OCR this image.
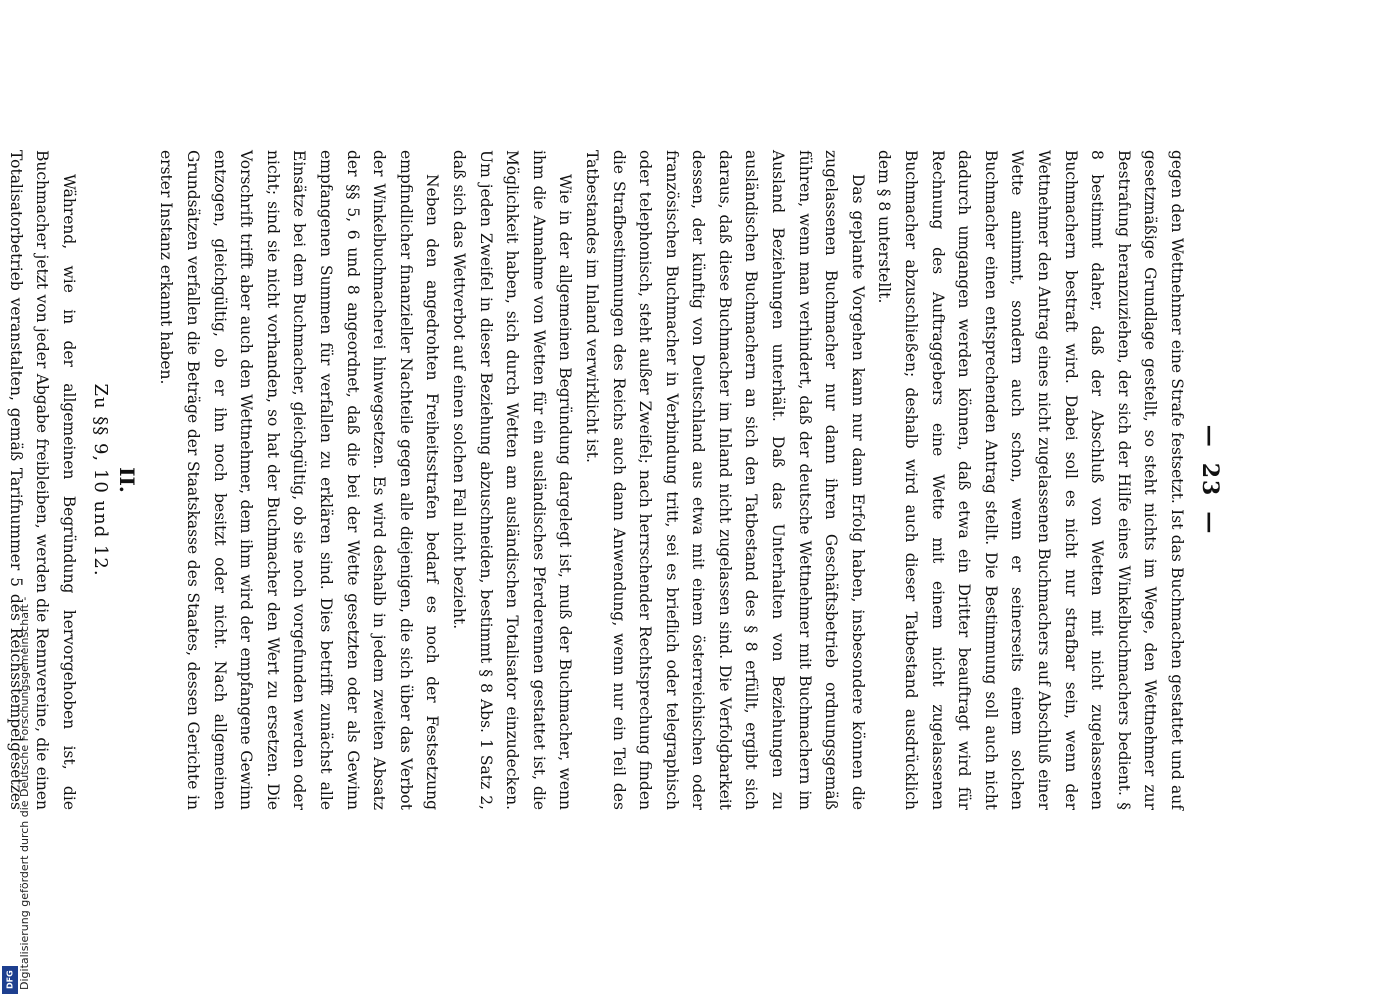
Digitalisierung gefördert durch die Deutsche Forschungsgemeinschaft -
DFG
—
23
—

gegen den Wettnehmer eine Strafe festsetzt. Ist das Buchmachen gestattet und auf gesetzmäßige Grundlage gestellt, so steht nichts im Wege, den Wettnehmer zur Bestrafung heranzuziehen, der sich der Hilfe eines Winkelbuchmachers bedient. § 8 bestimmt daher, daß der Abschluß von Wetten mit nicht zugelassenen Buchmachern bestraft wird. Dabei soll es nicht nur strafbar sein, wenn der Wettnehmer den Antrag eines nicht zugelassenen Buchmachers auf Abschluß einer Wette annimmt, sondern auch schon, wenn er seinerseits einem solchen Buchmacher einen entsprechenden Antrag stellt. Die Bestimmung soll auch nicht dadurch umgangen werden können, daß etwa ein Dritter beauftragt wird für Rechnung des Auftraggebers eine Wette mit einem nicht zugelassenen Buchmacher abzuschließen; deshalb wird auch dieser Tatbestand ausdrücklich dem § 8 unterstellt.

Das geplante Vorgehen kann nur dann Erfolg haben, insbesondere können die zugelassenen Buchmacher nur dann ihren Geschäftsbetrieb ordnungsgemäß führen, wenn man verhindert, daß der deutsche Wettnehmer mit Buchmachern im Ausland Beziehungen unterhält. Daß das Unterhalten von Beziehungen zu ausländischen Buchmachern an sich den Tatbestand des § 8 erfüllt, ergibt sich daraus, daß diese Buchmacher im Inland nicht zugelassen sind. Die Verfolgbarkeit dessen, der künftig von Deutschland aus etwa mit einem österreichischen oder französischen Buchmacher in Verbindung tritt, sei es brieflich oder telegraphisch oder telephonisch, steht außer Zweifel; nach herrschender Rechtsprechung finden die Strafbestimmungen des Reichs auch dann Anwendung, wenn nur ein Teil des Tatbestandes im Inland verwirklicht ist.

Wie in der allgemeinen Begründung dargelegt ist, muß der Buchmacher, wenn ihm die Annahme von Wetten für ein ausländisches Pferderennen gestattet ist, die Möglichkeit haben, sich durch Wetten am ausländischen Totalisator einzudecken. Um jeden Zweifel in dieser Beziehung abzuschneiden, bestimmt § 8 Abs. 1 Satz 2, daß sich das Wettverbot auf einen solchen Fall nicht bezieht.

Neben den angedrohten Freiheitsstrafen bedarf es noch der Festsetzung empfindlicher finanzieller Nachteile gegen alle diejenigen, die sich über das Verbot der Winkelbuchmacherei hinwegsetzen. Es wird deshalb in jedem zweiten Absatz der §§ 5, 6 und 8 angeordnet, daß die bei der Wette gesetzten oder als Gewinn empfangenen Summen für verfallen zu erklären sind. Dies betrifft zunächst alle Einsätze bei dem Buchmacher, gleichgültig, ob sie noch vorgefunden werden oder nicht; sind sie nicht vorhanden, so hat der Buchmacher den Wert zu ersetzen. Die Vorschrift trifft aber auch den Wettnehmer, dem ihm wird der empfangene Gewinn entzogen, gleichgültig, ob er ihn noch besitzt oder nicht. Nach allgemeinen Grundsätzen verfallen die Beträge der Staatskasse des Staates, dessen Gerichte in erster Instanz erkannt haben.

II.
Zu §§ 9, 10 und 12.

Während, wie in der allgemeinen Begründung hervorgehoben ist, die Buchmacher jetzt von jeder Abgabe freibleiben, werden die Rennvereine, die einen Totalisatorbetrieb veranstalten, gemäß Tarifnummer 5 des Reichsstempelgesetzes
